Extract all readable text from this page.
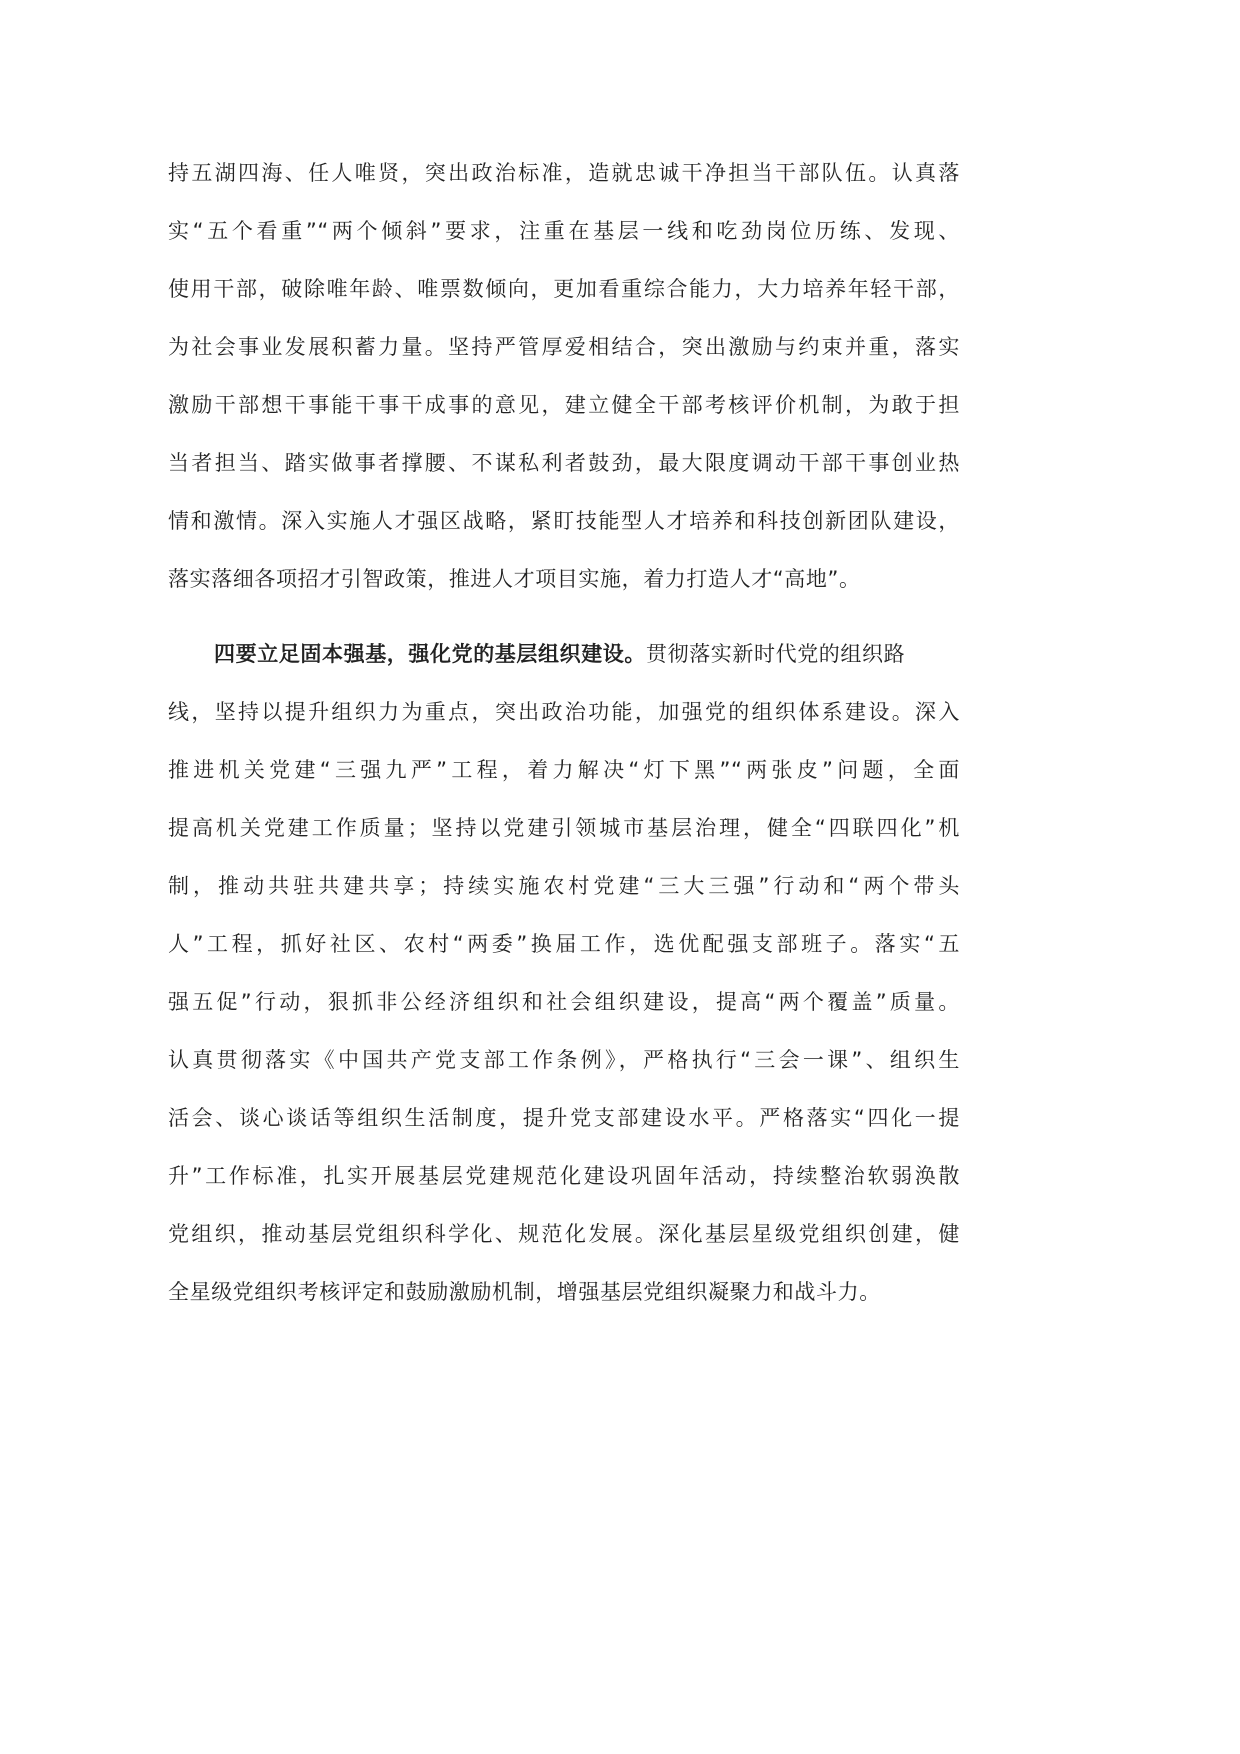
持五湖四海、任人唯贤，突出政治标准，造就忠诚干净担当干部队伍。认真落
实“五个看重”“两个倾斜”要求，注重在基层一线和吃劲岗位历练、发现、
使用干部，破除唯年龄、唯票数倾向，更加看重综合能力，大力培养年轻干部，
为社会事业发展积蓄力量。坚持严管厚爱相结合，突出激励与约束并重，落实
激励干部想干事能干事干成事的意见，建立健全干部考核评价机制，为敢于担
当者担当、踏实做事者撑腰、不谋私利者鼓劲，最大限度调动干部干事创业热
情和激情。深入实施人才强区战略，紧盯技能型人才培养和科技创新团队建设，
落实落细各项招才引智政策，推进人才项目实施，着力打造人才“高地”。
四要立足固本强基，强化党的基层组织建设。贯彻落实新时代党的组织路
线，坚持以提升组织力为重点，突出政治功能，加强党的组织体系建设。深入
推进机关党建“三强九严”工程，着力解决“灯下黑”“两张皮”问题，全面
提高机关党建工作质量；坚持以党建引领城市基层治理，健全“四联四化”机
制，推动共驻共建共享；持续实施农村党建“三大三强”行动和“两个带头
人”工程，抓好社区、农村“两委”换届工作，选优配强支部班子。落实“五
强五促”行动，狠抓非公经济组织和社会组织建设，提高“两个覆盖”质量。
认真贯彻落实《中国共产党支部工作条例》，严格执行“三会一课”、组织生
活会、谈心谈话等组织生活制度，提升党支部建设水平。严格落实“四化一提
升”工作标准，扎实开展基层党建规范化建设巩固年活动，持续整治软弱涣散
党组织，推动基层党组织科学化、规范化发展。深化基层星级党组织创建，健
全星级党组织考核评定和鼓励激励机制，增强基层党组织凝聚力和战斗力。
